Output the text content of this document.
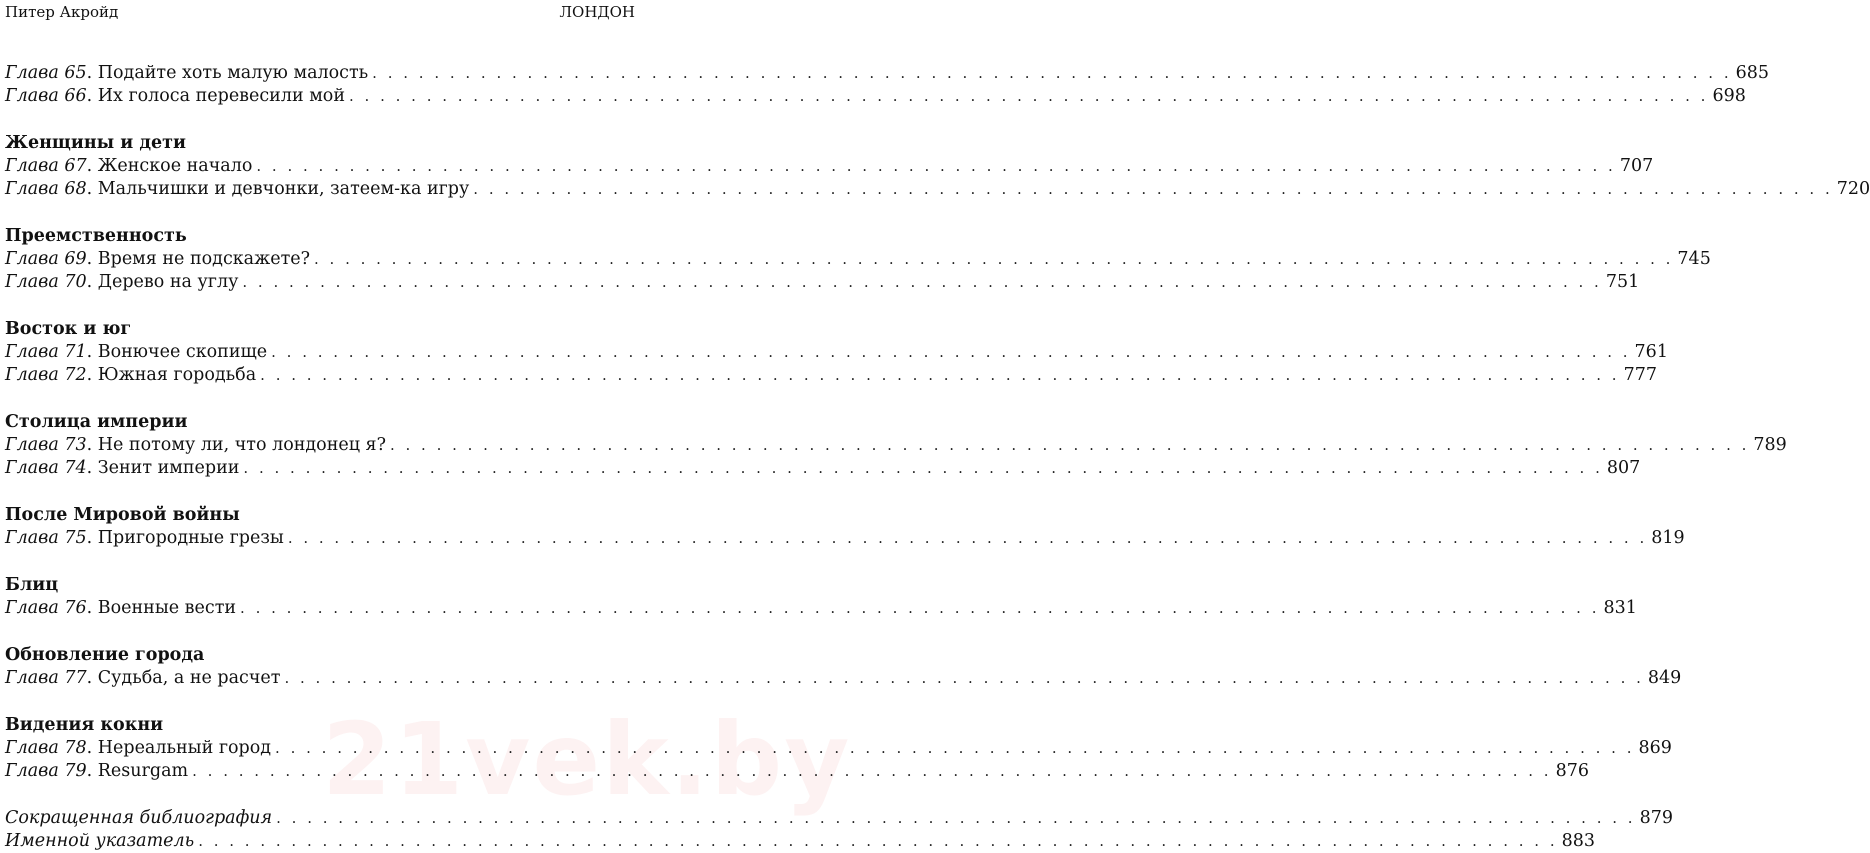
Питер Акройд	ЛОНДОН
21vek.by
Глава 65. Подайте хоть малую малость . . .	685
Глава 66. Их голоса перевесили мой . . .	698
Женщины и дети
Глава 67. Женское начало . . .	707
Глава 68. Мальчишки и девчонки, затеем-ка игру . . .	720
Преемственность
Глава 69. Время не подскажете? . . .	745
Глава 70. Дерево на углу . . .	751
Восток и юг
Глава 71. Вонючее скопище . . .	761
Глава 72. Южная городьба . . .	777
Столица империи
Глава 73. Не потому ли, что лондонец я? . . .	789
Глава 74. Зенит империи . . .	807
После Мировой войны
Глава 75. Пригородные грезы . . .	819
Блиц
Глава 76. Военные вести . . .	831
Обновление города
Глава 77. Судьба, а не расчет . . .	849
Видения кокни
Глава 78. Нереальный город . . .	869
Глава 79. Resurgam . . .	876
Сокращенная библиография . . .	879
Именной указатель . . .	883
